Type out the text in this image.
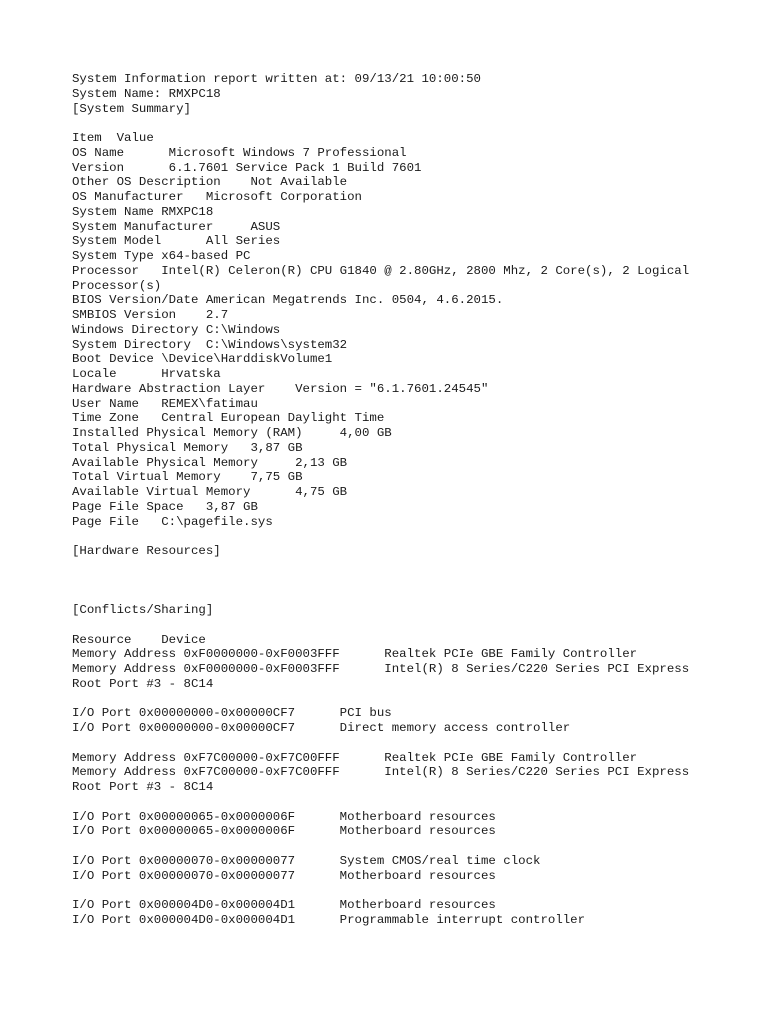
System Information report written at: 09/13/21 10:00:50
System Name: RMXPC18
[System Summary]
Item  Value
OS Name      Microsoft Windows 7 Professional
Version      6.1.7601 Service Pack 1 Build 7601
Other OS Description    Not Available
OS Manufacturer   Microsoft Corporation
System Name RMXPC18
System Manufacturer     ASUS
System Model      All Series
System Type x64-based PC
Processor   Intel(R) Celeron(R) CPU G1840 @ 2.80GHz, 2800 Mhz, 2 Core(s), 2 Logical
Processor(s)
BIOS Version/Date American Megatrends Inc. 0504, 4.6.2015.
SMBIOS Version    2.7
Windows Directory C:\Windows
System Directory  C:\Windows\system32
Boot Device \Device\HarddiskVolume1
Locale      Hrvatska
Hardware Abstraction Layer    Version = "6.1.7601.24545"
User Name   REMEX\fatimau
Time Zone   Central European Daylight Time
Installed Physical Memory (RAM)     4,00 GB
Total Physical Memory   3,87 GB
Available Physical Memory     2,13 GB
Total Virtual Memory    7,75 GB
Available Virtual Memory      4,75 GB
Page File Space   3,87 GB
Page File   C:\pagefile.sys
[Hardware Resources]
[Conflicts/Sharing]
Resource    Device
Memory Address 0xF0000000-0xF0003FFF      Realtek PCIe GBE Family Controller
Memory Address 0xF0000000-0xF0003FFF      Intel(R) 8 Series/C220 Series PCI Express
Root Port #3 - 8C14
I/O Port 0x00000000-0x00000CF7      PCI bus
I/O Port 0x00000000-0x00000CF7      Direct memory access controller
Memory Address 0xF7C00000-0xF7C00FFF      Realtek PCIe GBE Family Controller
Memory Address 0xF7C00000-0xF7C00FFF      Intel(R) 8 Series/C220 Series PCI Express
Root Port #3 - 8C14
I/O Port 0x00000065-0x0000006F      Motherboard resources
I/O Port 0x00000065-0x0000006F      Motherboard resources
I/O Port 0x00000070-0x00000077      System CMOS/real time clock
I/O Port 0x00000070-0x00000077      Motherboard resources
I/O Port 0x000004D0-0x000004D1      Motherboard resources
I/O Port 0x000004D0-0x000004D1      Programmable interrupt controller
